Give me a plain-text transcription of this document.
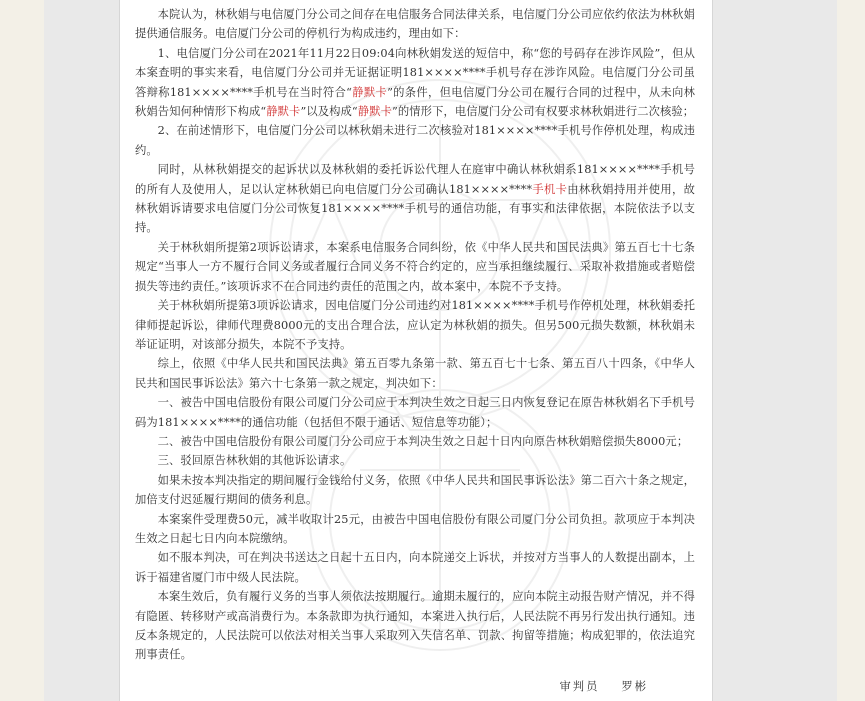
本院认为，林秋娟与电信厦门分公司之间存在电信服务合同法律关系，电信厦门分公司应依约依法为林秋娟提供通信服务。电信厦门分公司的停机行为构成违约，理由如下：

1、电信厦门分公司在2021年11月22日09:04向林秋娟发送的短信中，称“您的号码存在涉诈风险”，但从本案查明的事实来看，电信厦门分公司并无证据证明181××××****手机号存在涉诈风险。电信厦门分公司虽答辩称181××××****手机号在当时符合“静默卡”的条件，但电信厦门分公司在履行合同的过程中，从未向林秋娟告知何种情形下构成“静默卡”以及构成“静默卡”的情形下，电信厦门分公司有权要求林秋娟进行二次核验；

2、在前述情形下，电信厦门分公司以林秋娟未进行二次核验对181××××****手机号作停机处理，构成违约。

同时，从林秋娟提交的起诉状以及林秋娟的委托诉讼代理人在庭审中确认林秋娟系181××××****手机号的所有人及使用人，足以认定林秋娟已向电信厦门分公司确认181××××****手机卡由林秋娟持用并使用，故林秋娟诉请要求电信厦门分公司恢复181××××****手机号的通信功能，有事实和法律依据，本院依法予以支持。

关于林秋娟所提第2项诉讼请求，本案系电信服务合同纠纷，依《中华人民共和国民法典》第五百七十七条规定“当事人一方不履行合同义务或者履行合同义务不符合约定的，应当承担继续履行、采取补救措施或者赔偿损失等违约责任。”该项诉求不在合同违约责任的范围之内，故本案中，本院不予支持。

关于林秋娟所提第3项诉讼请求，因电信厦门分公司违约对181××××****手机号作停机处理，林秋娟委托律师提起诉讼，律师代理费8000元的支出合理合法，应认定为林秋娟的损失。但另500元损失数额，林秋娟未举证证明，对该部分损失，本院不予支持。

综上，依照《中华人民共和国民法典》第五百零九条第一款、第五百七十七条、第五百八十四条，《中华人民共和国民事诉讼法》第六十七条第一款之规定，判决如下：

一、被告中国电信股份有限公司厦门分公司应于本判决生效之日起三日内恢复登记在原告林秋娟名下手机号码为181××××****的通信功能（包括但不限于通话、短信息等功能）；

二、被告中国电信股份有限公司厦门分公司应于本判决生效之日起十日内向原告林秋娟赔偿损失8000元；

三、驳回原告林秋娟的其他诉讼请求。

如果未按本判决指定的期间履行金钱给付义务，依照《中华人民共和国民事诉讼法》第二百六十条之规定，加倍支付迟延履行期间的债务利息。

本案案件受理费50元，减半收取计25元，由被告中国电信股份有限公司厦门分公司负担。款项应于本判决生效之日起七日内向本院缴纳。

如不服本判决，可在判决书送达之日起十五日内，向本院递交上诉状，并按对方当事人的人数提出副本，上诉于福建省厦门市中级人民法院。

本案生效后，负有履行义务的当事人须依法按期履行。逾期未履行的，应向本院主动报告财产情况，并不得有隐匿、转移财产或高消费行为。本条款即为执行通知，本案进入执行后，人民法院不再另行发出执行通知。违反本条规定的，人民法院可以依法对相关当事人采取列入失信名单、罚款、拘留等措施；构成犯罪的，依法追究刑事责任。

审判员 罗彬
